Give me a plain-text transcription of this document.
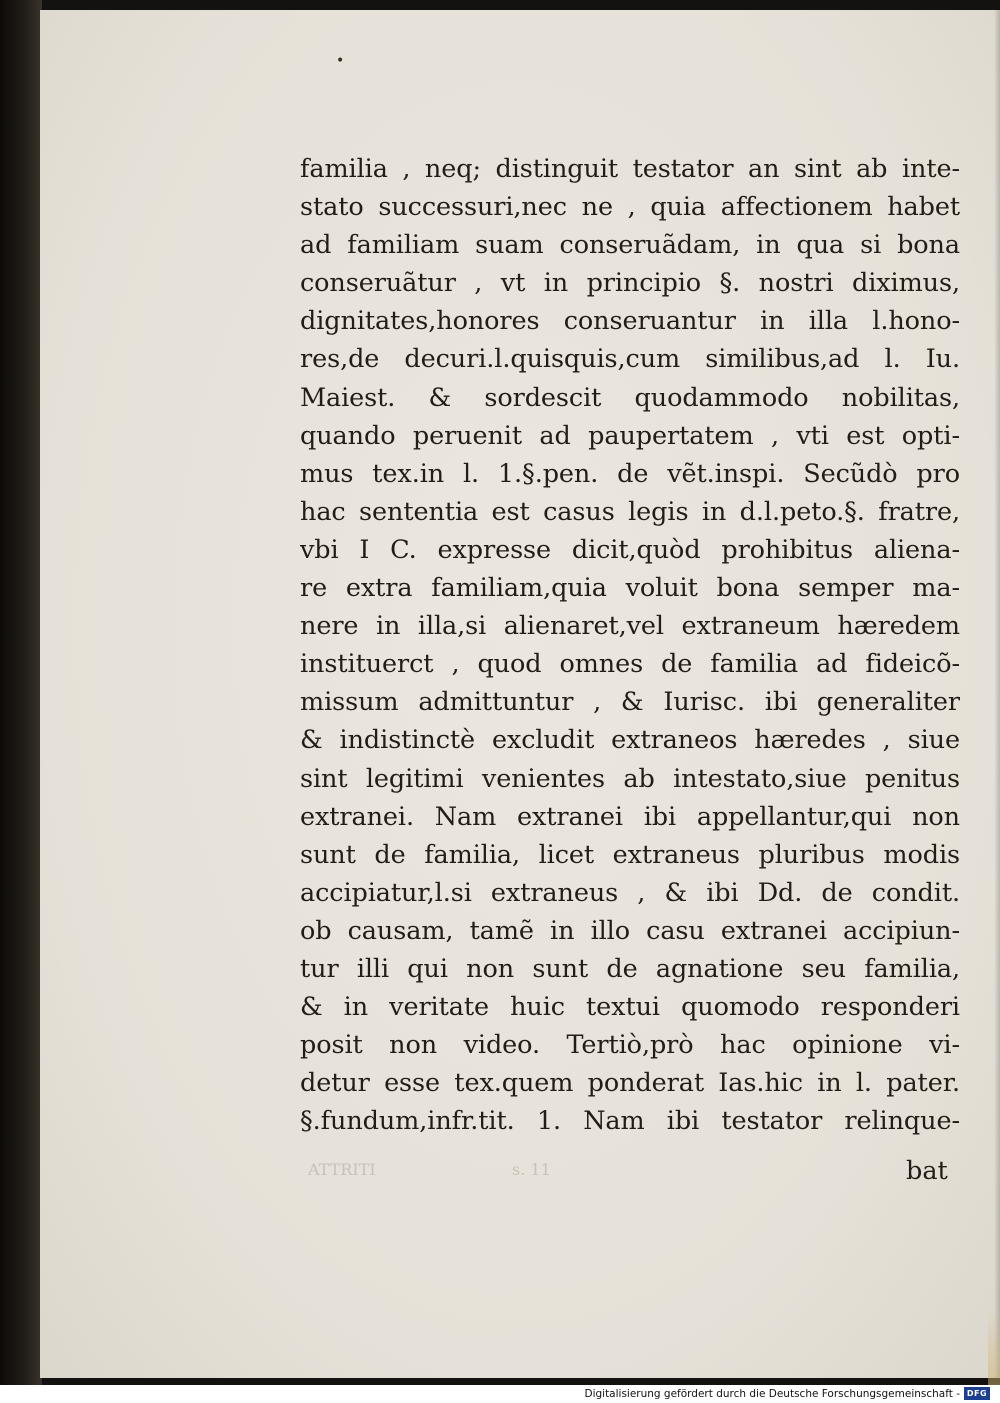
•
familia , neq; distinguit testator an sint ab inte-
stato successuri,nec ne , quia affectionem habet
ad familiam suam conseruãdam, in qua si bona
conseruãtur , vt in principio §. nostri diximus,
dignitates,honores conseruantur in illa l.hono-
res,de decuri.l.quisquis,cum similibus,ad l. Iu.
Maiest. & sordescit quodammodo nobilitas,
quando peruenit ad paupertatem , vti est opti-
mus tex.in l. 1.§.pen. de vẽt.inspi. Secũdò pro
hac sententia est casus legis in d.l.peto.§. fratre,
vbi I C. expresse dicit,quòd prohibitus aliena-
re extra familiam,quia voluit bona semper ma-
nere in illa,si alienaret,vel extraneum hæredem
instituerct , quod omnes de familia ad fideicõ-
missum admittuntur , & Iurisc. ibi generaliter
& indistinctè excludit extraneos hæredes , siue
sint legitimi venientes ab intestato,siue penitus
extranei. Nam extranei ibi appellantur,qui non
sunt de familia, licet extraneus pluribus modis
accipiatur,l.si extraneus , & ibi Dd. de condit.
ob causam, tamẽ in illo casu extranei accipiun-
tur illi qui non sunt de agnatione seu familia,
& in veritate huic textui quomodo responderi
posit non video. Tertiò,prò hac opinione vi-
detur esse tex.quem ponderat Ias.hic in l. pater.
§.fundum,infr.tit. 1. Nam ibi testator relinque-
ATTRITI	s. 11	bat
Digitalisierung gefördert durch die Deutsche Forschungsgemeinschaft - DFG
